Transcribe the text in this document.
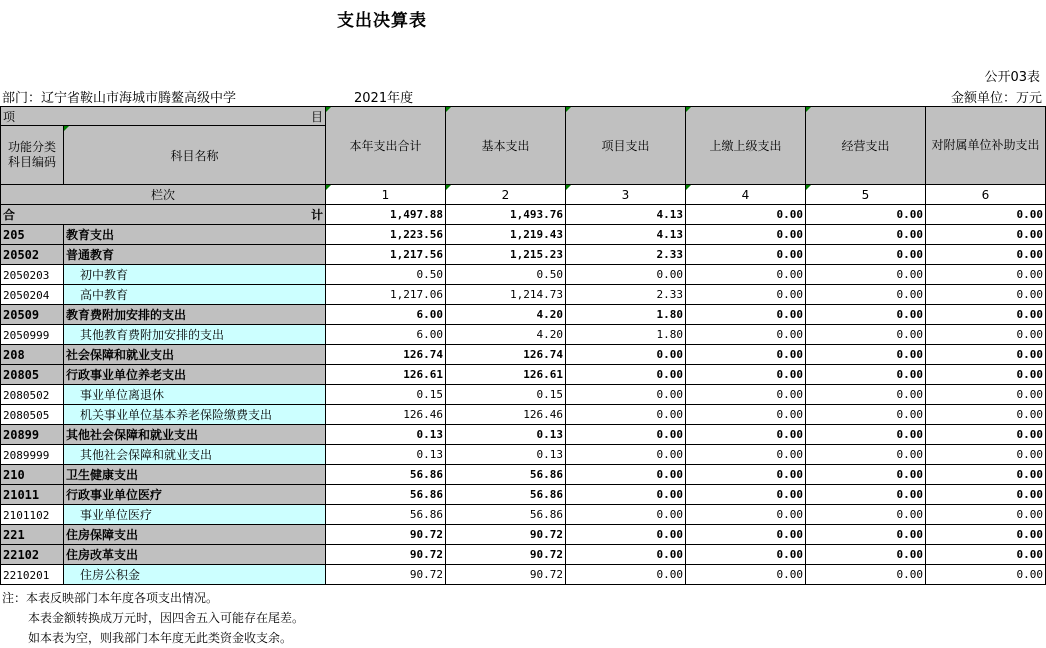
支出决算表
公开03表
部门：辽宁省鞍山市海城市腾鳌高级中学	2021年度	金额单位：万元
项 目		本年支出合计	基本支出	项目支出	上缴上级支出	经营支出	对附属单位补助支出
功能分类 科目编码	科目名称						
栏次		1	2	3	4	5	6
合 计		1,497.88	1,493.76	4.13	0.00	0.00	0.00
205	教育支出	1,223.56	1,219.43	4.13	0.00	0.00	0.00
20502	普通教育	1,217.56	1,215.23	2.33	0.00	0.00	0.00
2050203	初中教育	0.50	0.50	0.00	0.00	0.00	0.00
2050204	高中教育	1,217.06	1,214.73	2.33	0.00	0.00	0.00
20509	教育费附加安排的支出	6.00	4.20	1.80	0.00	0.00	0.00
2050999	其他教育费附加安排的支出	6.00	4.20	1.80	0.00	0.00	0.00
208	社会保障和就业支出	126.74	126.74	0.00	0.00	0.00	0.00
20805	行政事业单位养老支出	126.61	126.61	0.00	0.00	0.00	0.00
2080502	事业单位离退休	0.15	0.15	0.00	0.00	0.00	0.00
2080505	机关事业单位基本养老保险缴费支出	126.46	126.46	0.00	0.00	0.00	0.00
20899	其他社会保障和就业支出	0.13	0.13	0.00	0.00	0.00	0.00
2089999	其他社会保障和就业支出	0.13	0.13	0.00	0.00	0.00	0.00
210	卫生健康支出	56.86	56.86	0.00	0.00	0.00	0.00
21011	行政事业单位医疗	56.86	56.86	0.00	0.00	0.00	0.00
2101102	事业单位医疗	56.86	56.86	0.00	0.00	0.00	0.00
221	住房保障支出	90.72	90.72	0.00	0.00	0.00	0.00
22102	住房改革支出	90.72	90.72	0.00	0.00	0.00	0.00
2210201	住房公积金	90.72	90.72	0.00	0.00	0.00	0.00
注：本表反映部门本年度各项支出情况。
本表金额转换成万元时，因四舍五入可能存在尾差。
如本表为空，则我部门本年度无此类资金收支余。
